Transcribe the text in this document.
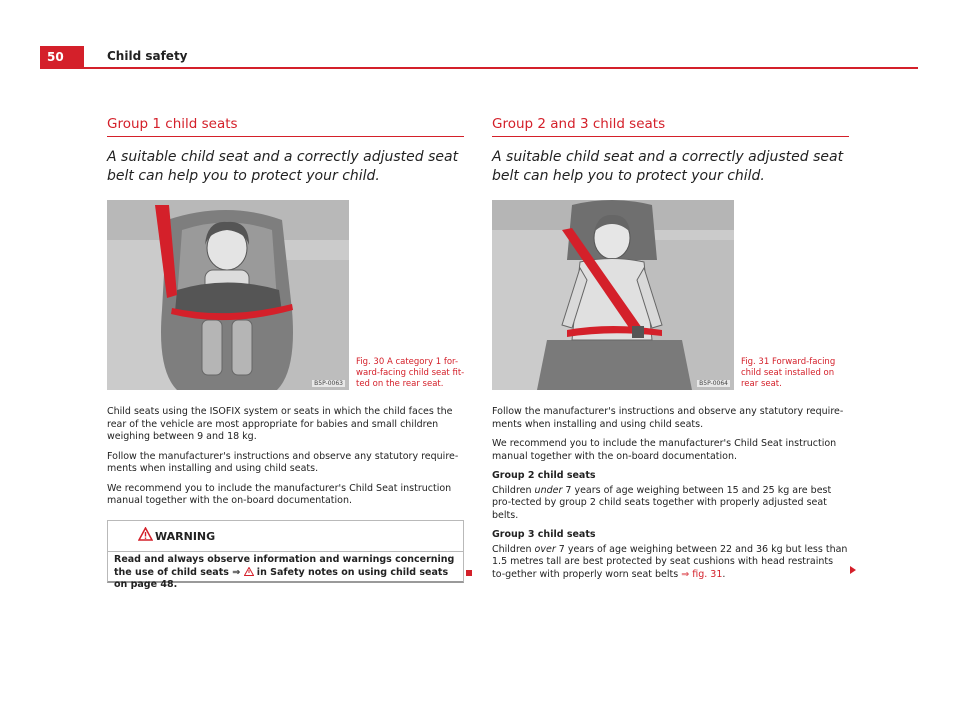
50	Child safety
Group 1 child seats

A suitable child seat and a correctly adjusted seat belt can help you to protect your child.

B5P-0063
Fig. 30 A category 1 for-ward-facing child seat fit-ted on the rear seat.

Child seats using the ISOFIX system or seats in which the child faces the rear of the vehicle are most appropriate for babies and small children weighing between 9 and 18 kg.

Follow the manufacturer's instructions and observe any statutory require-ments when installing and using child seats.

We recommend you to include the manufacturer's Child Seat instruction manual together with the on-board documentation.

WARNING
Read and always observe information and warnings concerning the use of child seats ⇒  in Safety notes on using child seats on page 48.
Group 2 and 3 child seats

A suitable child seat and a correctly adjusted seat belt can help you to protect your child.

B5P-0064
Fig. 31 Forward-facing child seat installed on rear seat.

Follow the manufacturer's instructions and observe any statutory require-ments when installing and using child seats.

We recommend you to include the manufacturer's Child Seat instruction manual together with the on-board documentation.

Group 2 child seats

Children under 7 years of age weighing between 15 and 25 kg are best pro-tected by group 2 child seats together with properly adjusted seat belts.

Group 3 child seats

Children over 7 years of age weighing between 22 and 36 kg but less than 1.5 metres tall are best protected by seat cushions with head restraints to-gether with properly worn seat belts ⇒ fig. 31.
